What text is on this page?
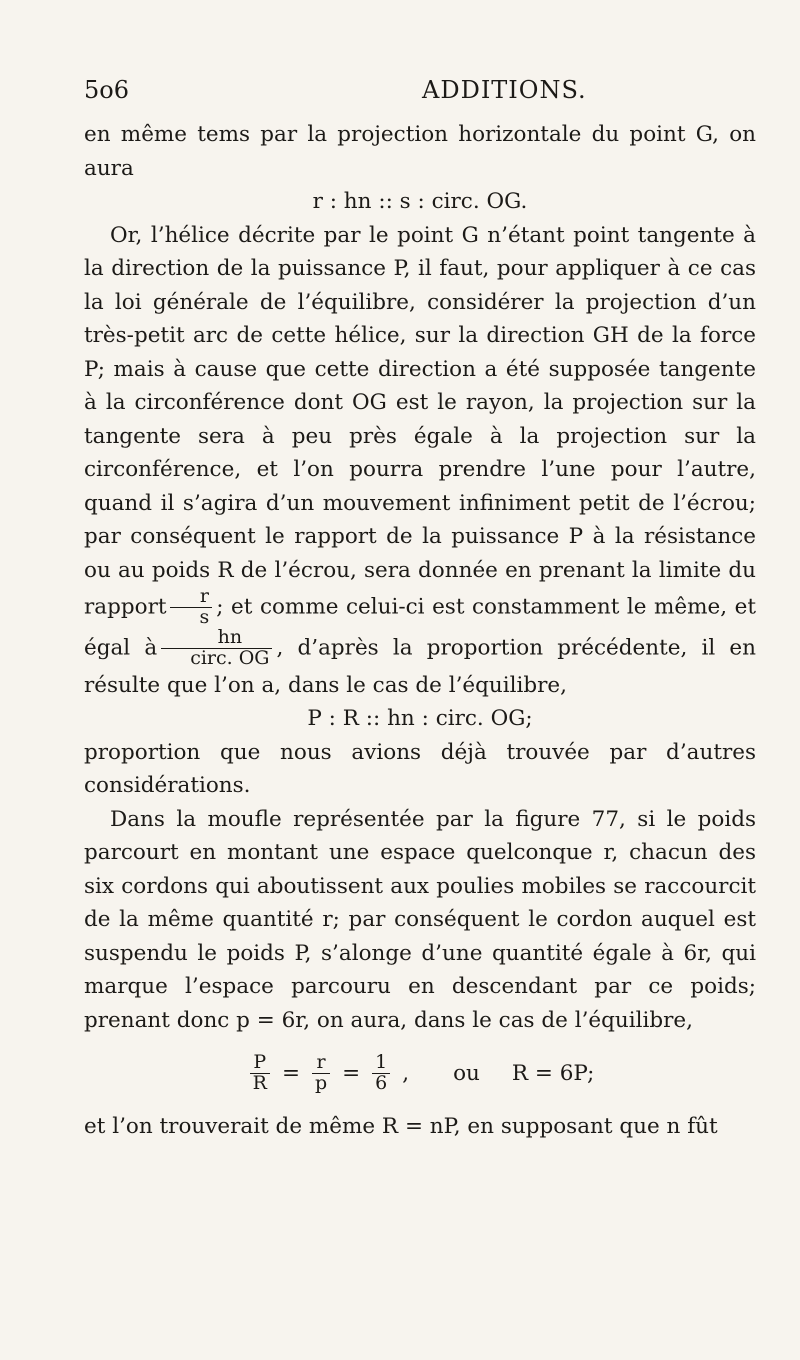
5o6	ADDITIONS.

en même tems par la projection horizontale du point G, on aura

r : hn :: s : circ. OG.

Or, l’hélice décrite par le point G n’étant point tangente à la direction de la puissance P, il faut, pour appliquer à ce cas la loi générale de l’équilibre, considérer la projection d’un très-petit arc de cette hélice, sur la direction GH de la force P; mais à cause que cette direction a été supposée tangente à la circonférence dont OG est le rayon, la projection sur la tangente sera à peu près égale à la projection sur la circonférence, et l’on pourra prendre l’une pour l’autre, quand il s’agira d’un mouvement infiniment petit de l’écrou; par conséquent le rapport de la puissance P à la résistance ou au poids R de l’écrou, sera donnée en prenant la limite du rapport $\frac{r}{s}$ ; et comme celui-ci est constamment le même, et égal à $\frac{hn}{\text{circ. OG}}$ , d’après la proportion précédente, il en résulte que l’on a, dans le cas de l’équilibre,

P : R :: hn : circ. OG;

proportion que nous avions déjà trouvée par d’autres considérations.

Dans la moufle représentée par la figure 77, si le poids parcourt en montant une espace quelconque r, chacun des six cordons qui aboutissent aux poulies mobiles se raccourcit de la même quantité r; par conséquent le cordon auquel est suspendu le poids P, s’alonge d’une quantité égale à 6r, qui marque l’espace parcouru en descendant par ce poids; prenant donc p = 6r, on aura, dans le cas de l’équilibre,

$\frac{P}{R} = \frac{r}{p} = \frac{1}{6}$ , ou R = 6P;

et l’on trouverait de même R = nP, en supposant que n fût
